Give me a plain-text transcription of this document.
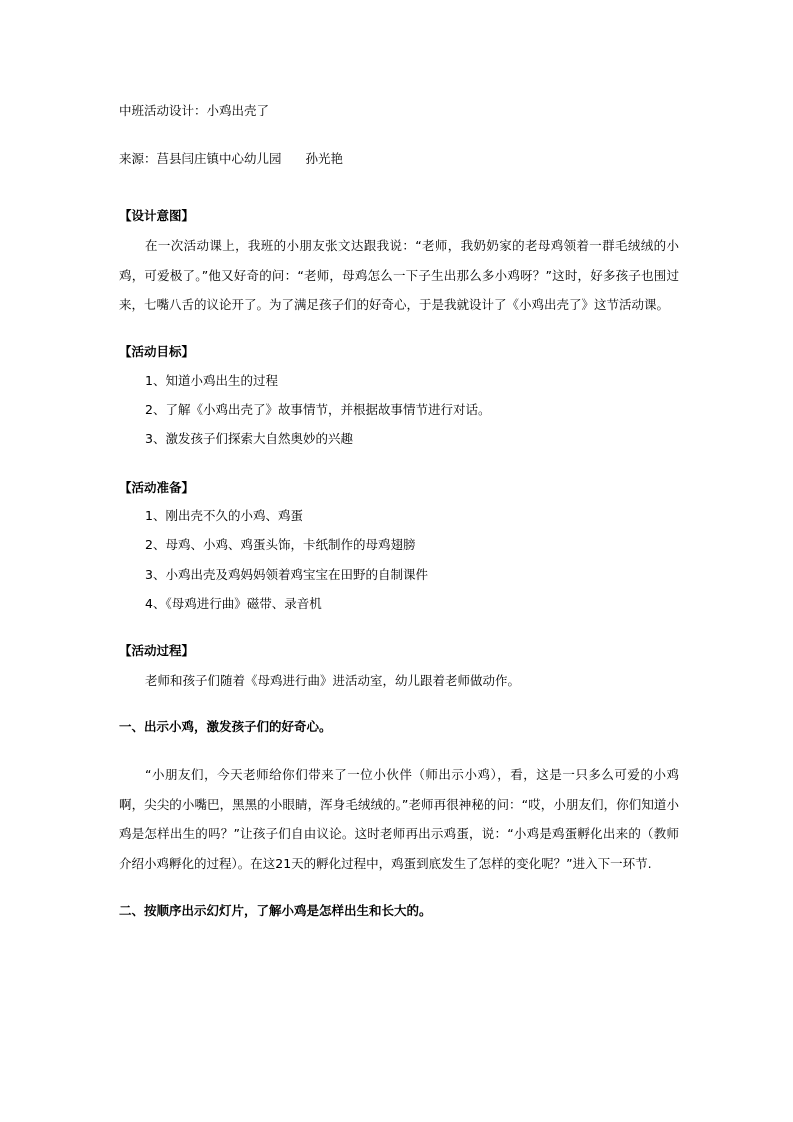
中班活动设计：小鸡出壳了
来源：莒县闫庄镇中心幼儿园 孙光艳
【设计意图】
在一次活动课上，我班的小朋友张文达跟我说：“老师，我奶奶家的老母鸡领着一群毛绒绒的小鸡，可爱极了。”他又好奇的问：“老师，母鸡怎么一下子生出那么多小鸡呀？”这时，好多孩子也围过来，七嘴八舌的议论开了。为了满足孩子们的好奇心，于是我就设计了《小鸡出壳了》这节活动课。
【活动目标】
1、知道小鸡出生的过程
2、了解《小鸡出壳了》故事情节，并根据故事情节进行对话。
3、激发孩子们探索大自然奥妙的兴趣
【活动准备】
1、刚出壳不久的小鸡、鸡蛋
2、母鸡、小鸡、鸡蛋头饰，卡纸制作的母鸡翅膀
3、小鸡出壳及鸡妈妈领着鸡宝宝在田野的自制课件
4、《母鸡进行曲》磁带、录音机
【活动过程】
老师和孩子们随着《母鸡进行曲》进活动室，幼儿跟着老师做动作。
一、出示小鸡，激发孩子们的好奇心。
“小朋友们，今天老师给你们带来了一位小伙伴（师出示小鸡），看，这是一只多么可爱的小鸡啊，尖尖的小嘴巴，黑黑的小眼睛，浑身毛绒绒的。”老师再很神秘的问：“哎，小朋友们，你们知道小鸡是怎样出生的吗？”让孩子们自由议论。这时老师再出示鸡蛋，说：“小鸡是鸡蛋孵化出来的（教师介绍小鸡孵化的过程）。在这21天的孵化过程中，鸡蛋到底发生了怎样的变化呢？”进入下一环节.
二、按顺序出示幻灯片，了解小鸡是怎样出生和长大的。
